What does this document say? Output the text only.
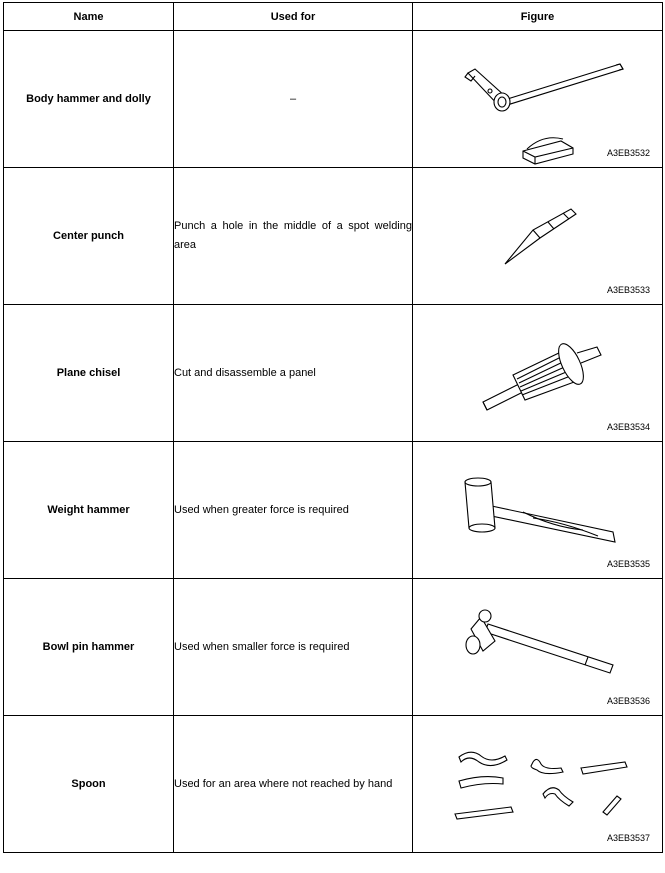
Name	Used for	Figure
Body hammer and dolly	–	A3EB3532

Center punch	Punch a hole in the middle of a spot welding area	A3EB3533

Plane chisel	Cut and disassemble a panel	A3EB3534

Weight hammer	Used when greater force is required	A3EB3535

Bowl pin hammer	Used when smaller force is required	A3EB3536

Spoon	Used for an area where not reached by hand	A3EB3537
